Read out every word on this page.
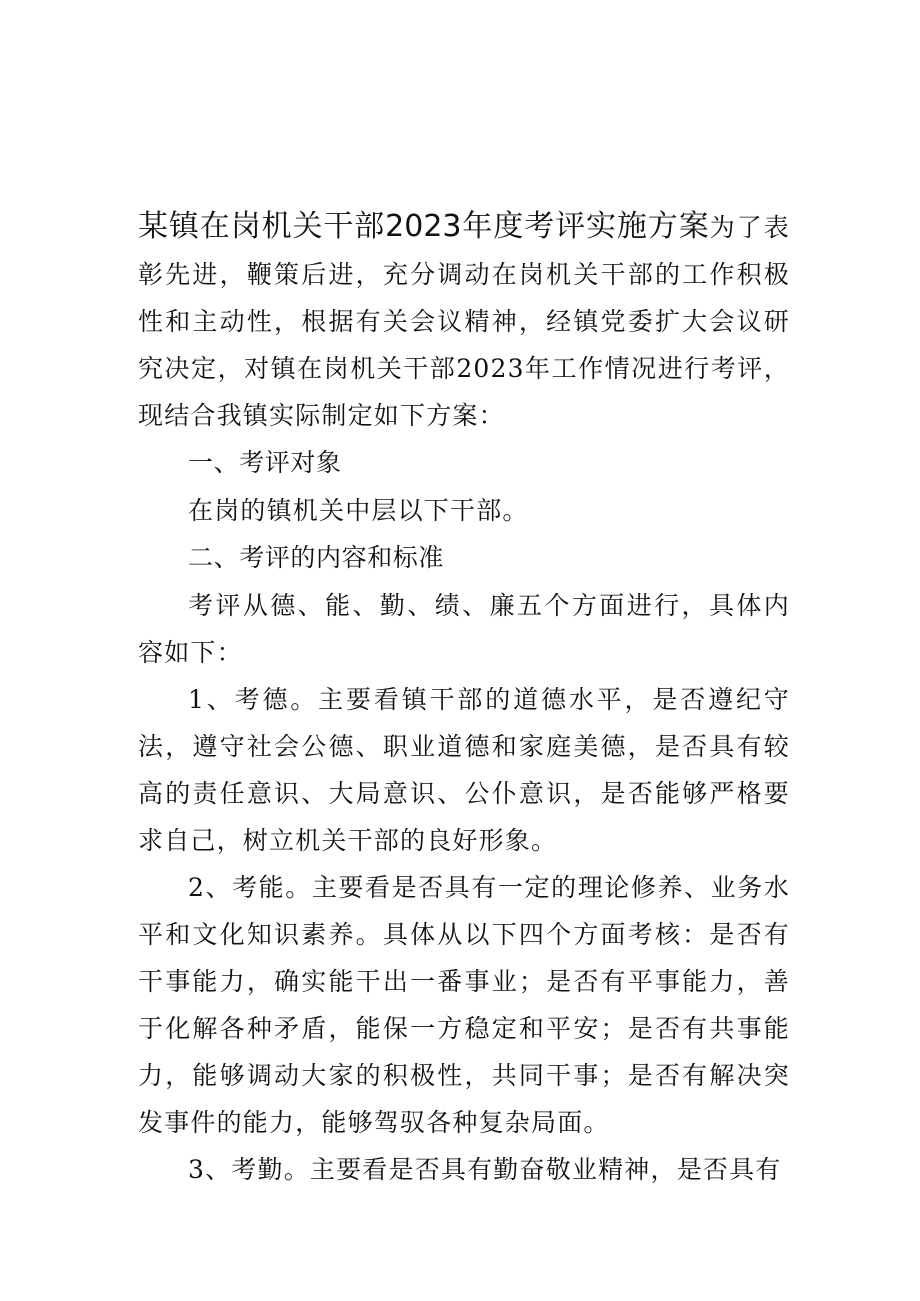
某镇在岗机关干部2023年度考评实施方案为了表彰先进，鞭策后进，充分调动在岗机关干部的工作积极性和主动性，根据有关会议精神，经镇党委扩大会议研究决定，对镇在岗机关干部2023年工作情况进行考评，现结合我镇实际制定如下方案：

一、考评对象

在岗的镇机关中层以下干部。

二、考评的内容和标准

考评从德、能、勤、绩、廉五个方面进行，具体内容如下：

1、考德。主要看镇干部的道德水平，是否遵纪守法，遵守社会公德、职业道德和家庭美德，是否具有较高的责任意识、大局意识、公仆意识，是否能够严格要求自己，树立机关干部的良好形象。

2、考能。主要看是否具有一定的理论修养、业务水平和文化知识素养。具体从以下四个方面考核：是否有干事能力，确实能干出一番事业；是否有平事能力，善于化解各种矛盾，能保一方稳定和平安；是否有共事能力，能够调动大家的积极性，共同干事；是否有解决突发事件的能力，能够驾驭各种复杂局面。

3、考勤。主要看是否具有勤奋敬业精神，是否具有
